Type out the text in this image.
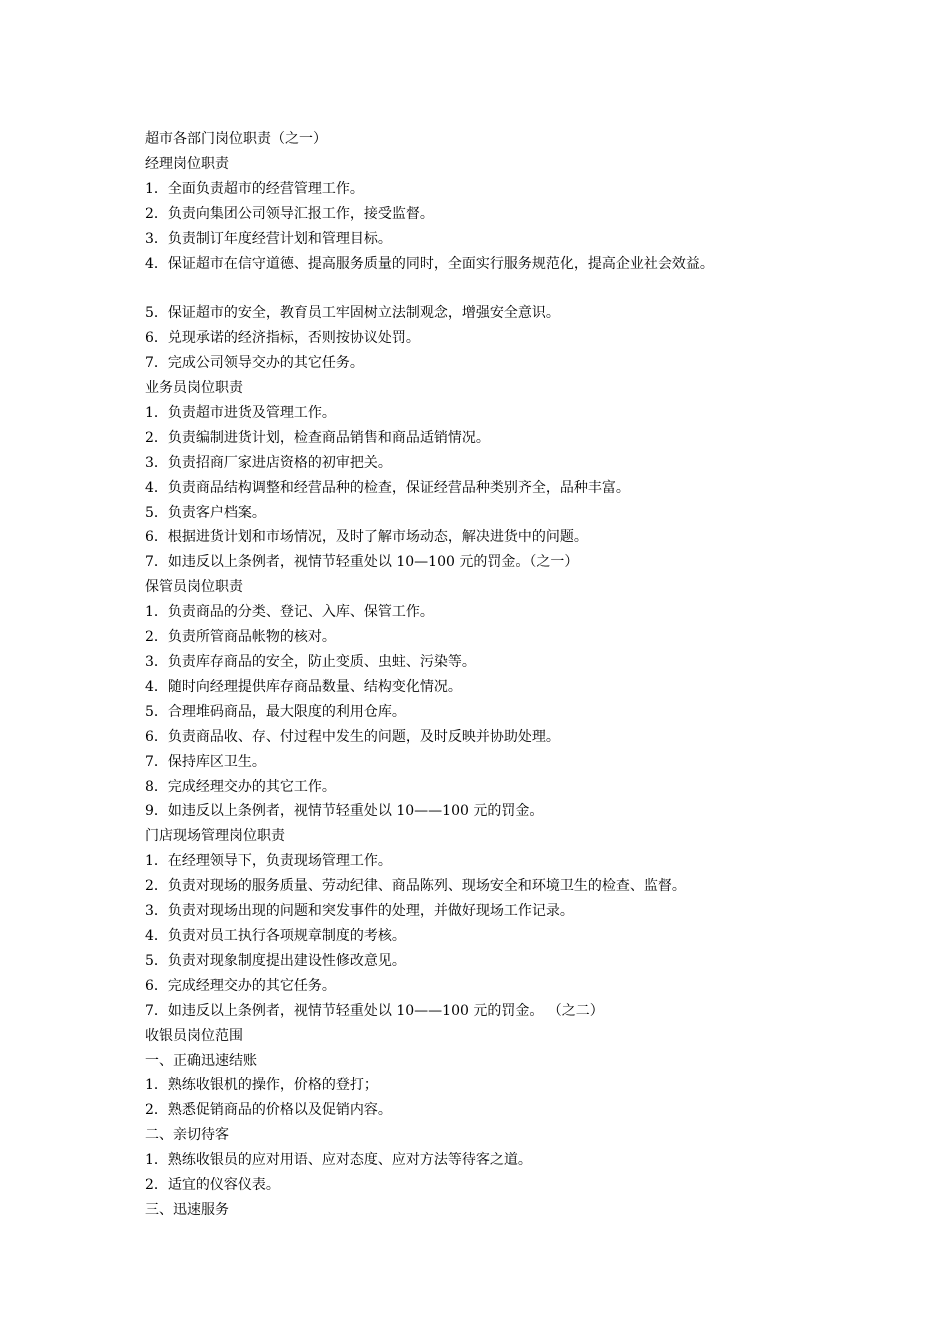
超市各部门岗位职责（之一）

经理岗位职责

1．全面负责超市的经营管理工作。

2．负责向集团公司领导汇报工作，接受监督。

3．负责制订年度经营计划和管理目标。

4．保证超市在信守道德、提高服务质量的同时，全面实行服务规范化，提高企业社会效益。

5．保证超市的安全，教育员工牢固树立法制观念，增强安全意识。

6．兑现承诺的经济指标，否则按协议处罚。

7．完成公司领导交办的其它任务。

业务员岗位职责

1．负责超市进货及管理工作。

2．负责编制进货计划，检查商品销售和商品适销情况。

3．负责招商厂家进店资格的初审把关。

4．负责商品结构调整和经营品种的检查，保证经营品种类别齐全，品种丰富。

5．负责客户档案。

6．根据进货计划和市场情况，及时了解市场动态，解决进货中的问题。

7．如违反以上条例者，视情节轻重处以 10—100 元的罚金。（之一）

保管员岗位职责

1．负责商品的分类、登记、入库、保管工作。

2．负责所管商品帐物的核对。

3．负责库存商品的安全，防止变质、虫蛀、污染等。

4．随时向经理提供库存商品数量、结构变化情况。

5．合理堆码商品，最大限度的利用仓库。

6．负责商品收、存、付过程中发生的问题，及时反映并协助处理。

7．保持库区卫生。

8．完成经理交办的其它工作。

9．如违反以上条例者，视情节轻重处以 10——100 元的罚金。

门店现场管理岗位职责

1．在经理领导下，负责现场管理工作。

2．负责对现场的服务质量、劳动纪律、商品陈列、现场安全和环境卫生的检查、监督。

3．负责对现场出现的问题和突发事件的处理，并做好现场工作记录。

4．负责对员工执行各项规章制度的考核。

5．负责对现象制度提出建设性修改意见。

6．完成经理交办的其它任务。

7．如违反以上条例者，视情节轻重处以 10——100 元的罚金。 （之二）

收银员岗位范围

一、正确迅速结账

1．熟练收银机的操作，价格的登打；

2．熟悉促销商品的价格以及促销内容。

二、亲切待客

1．熟练收银员的应对用语、应对态度、应对方法等待客之道。

2．适宜的仪容仪表。

三、迅速服务
